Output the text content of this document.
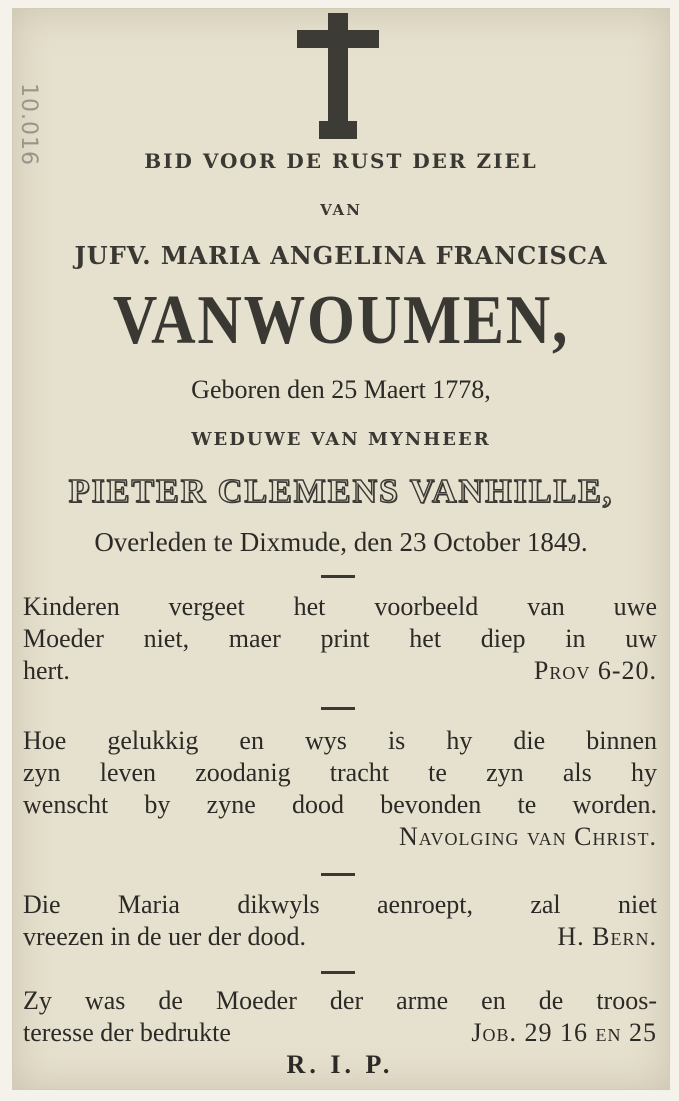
10.016	BID VOOR DE RUST DER ZIEL
VAN
JUFV. MARIA ANGELINA FRANCISCA
VANWOUMEN,
Geboren den 25 Maert 1778,
WEDUWE VAN MYNHEER
PIETER CLEMENS VANHILLE,
Overleden te Dixmude, den 23 October 1849.
Kinderen vergeet het voorbeeld van uwe
Moeder niet, maer print het diep in uw
hert.	Prov 6-20.
Hoe gelukkig en wys is hy die binnen
zyn leven zoodanig tracht te zyn als hy
wenscht by zyne dood bevonden te worden.
Navolging van Christ.
Die Maria dikwyls aenroept, zal niet
vreezen in de uer der dood.	H. Bern.
Zy was de Moeder der arme en de troos-
teresse der bedrukte	Job. 29 16 en 25
R. I. P.
